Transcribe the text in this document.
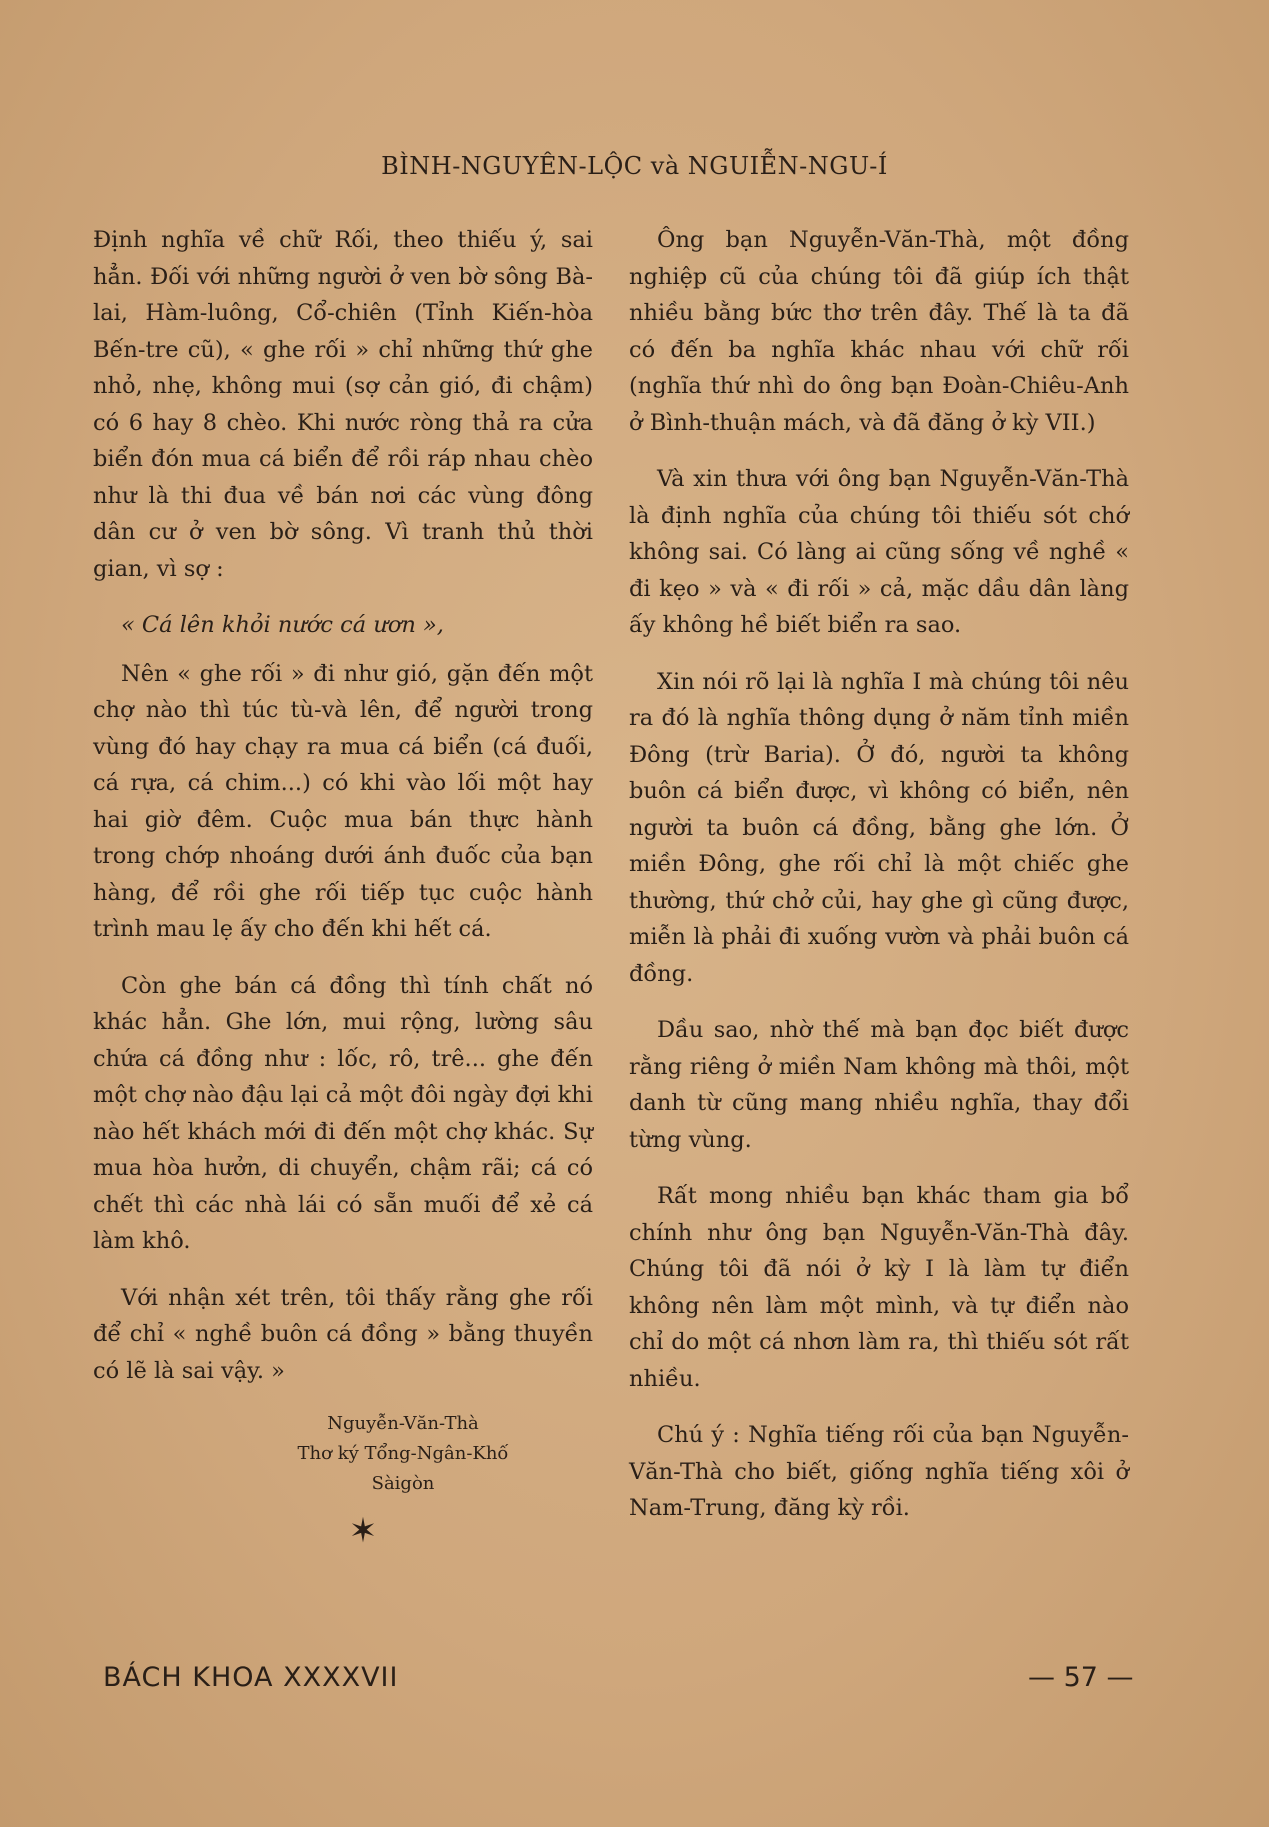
BÌNH-NGUYÊN-LỘC và NGUIỄN-NGU-Í

Định nghĩa về chữ Rối, theo thiếu ý, sai hẳn. Đối với những người ở ven bờ sông Bà-lai, Hàm-luông, Cổ-chiên (Tỉnh Kiến-hòa Bến-tre cũ), « ghe rối » chỉ những thứ ghe nhỏ, nhẹ, không mui (sợ cản gió, đi chậm) có 6 hay 8 chèo. Khi nước ròng thả ra cửa biển đón mua cá biển để rồi ráp nhau chèo như là thi đua về bán nơi các vùng đông dân cư ở ven bờ sông. Vì tranh thủ thời gian, vì sợ :

« Cá lên khỏi nước cá ươn »,

Nên « ghe rối » đi như gió, gặn đến một chợ nào thì túc tù-và lên, để người trong vùng đó hay chạy ra mua cá biển (cá đuối, cá rựa, cá chim...) có khi vào lối một hay hai giờ đêm. Cuộc mua bán thực hành trong chớp nhoáng dưới ánh đuốc của bạn hàng, để rồi ghe rối tiếp tục cuộc hành trình mau lẹ ấy cho đến khi hết cá.

Còn ghe bán cá đồng thì tính chất nó khác hẳn. Ghe lớn, mui rộng, lường sâu chứa cá đồng như : lốc, rô, trê... ghe đến một chợ nào đậu lại cả một đôi ngày đợi khi nào hết khách mới đi đến một chợ khác. Sự mua hòa hưởn, di chuyển, chậm rãi; cá có chết thì các nhà lái có sẵn muối để xẻ cá làm khô.

Với nhận xét trên, tôi thấy rằng ghe rối để chỉ « nghề buôn cá đồng » bằng thuyền có lẽ là sai vậy. »

Nguyễn-Văn-Thà
Thơ ký Tổng-Ngân-Khố
Sàigòn
✶

Ông bạn Nguyễn-Văn-Thà, một đồng nghiệp cũ của chúng tôi đã giúp ích thật nhiều bằng bức thơ trên đây. Thế là ta đã có đến ba nghĩa khác nhau với chữ rối (nghĩa thứ nhì do ông bạn Đoàn-Chiêu-Anh ở Bình-thuận mách, và đã đăng ở kỳ VII.)

Và xin thưa với ông bạn Nguyễn-Văn-Thà là định nghĩa của chúng tôi thiếu sót chớ không sai. Có làng ai cũng sống về nghề « đi kẹo » và « đi rối » cả, mặc dầu dân làng ấy không hề biết biển ra sao.

Xin nói rõ lại là nghĩa I mà chúng tôi nêu ra đó là nghĩa thông dụng ở năm tỉnh miền Đông (trừ Baria). Ở đó, người ta không buôn cá biển được, vì không có biển, nên người ta buôn cá đồng, bằng ghe lớn. Ở miền Đông, ghe rối chỉ là một chiếc ghe thường, thứ chở củi, hay ghe gì cũng được, miễn là phải đi xuống vườn và phải buôn cá đồng.

Dầu sao, nhờ thế mà bạn đọc biết được rằng riêng ở miền Nam không mà thôi, một danh từ cũng mang nhiều nghĩa, thay đổi từng vùng.

Rất mong nhiều bạn khác tham gia bổ chính như ông bạn Nguyễn-Văn-Thà đây. Chúng tôi đã nói ở kỳ I là làm tự điển không nên làm một mình, và tự điển nào chỉ do một cá nhơn làm ra, thì thiếu sót rất nhiều.

Chú ý : Nghĩa tiếng rối của bạn Nguyễn-Văn-Thà cho biết, giống nghĩa tiếng xôi ở Nam-Trung, đăng kỳ rồi.

BÁCH KHOA XXXXVII	— 57 —
